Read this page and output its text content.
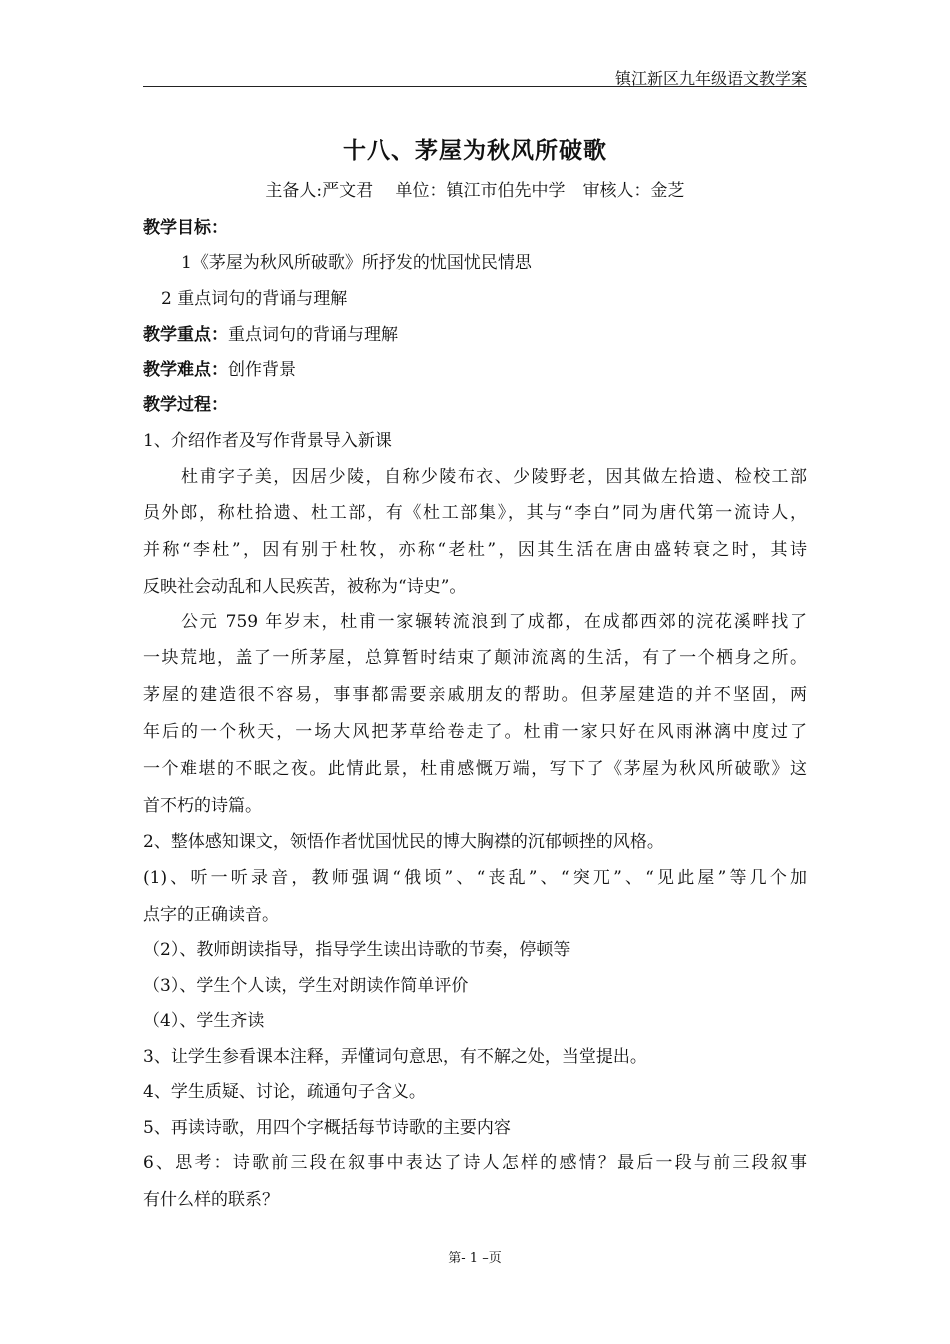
镇江新区九年级语文教学案
十八、茅屋为秋风所破歌
主备人:严文君　 单位：镇江市伯先中学　审核人：金芝
教学目标：
1《茅屋为秋风所破歌》所抒发的忧国忧民情思
2 重点词句的背诵与理解
教学重点：重点词句的背诵与理解
教学难点：创作背景
教学过程：
1、介绍作者及写作背景导入新课
杜甫字子美，因居少陵，自称少陵布衣、少陵野老，因其做左拾遗、检校工部
员外郎，称杜拾遗、杜工部，有《杜工部集》，其与“李白”同为唐代第一流诗人，
并称“李杜”，因有别于杜牧，亦称“老杜”，因其生活在唐由盛转衰之时，其诗
反映社会动乱和人民疾苦，被称为“诗史”。
公元 759 年岁末，杜甫一家辗转流浪到了成都，在成都西郊的浣花溪畔找了
一块荒地，盖了一所茅屋，总算暂时结束了颠沛流离的生活，有了一个栖身之所。
茅屋的建造很不容易，事事都需要亲戚朋友的帮助。但茅屋建造的并不坚固，两
年后的一个秋天，一场大风把茅草给卷走了。杜甫一家只好在风雨淋漓中度过了
一个难堪的不眠之夜。此情此景，杜甫感慨万端，写下了《茅屋为秋风所破歌》这
首不朽的诗篇。
2、整体感知课文，领悟作者忧国忧民的博大胸襟的沉郁顿挫的风格。
(1)、听一听录音，教师强调“俄顷”、“丧乱”、“突兀”、“见此屋”等几个加
点字的正确读音。
（2）、教师朗读指导，指导学生读出诗歌的节奏，停顿等
（3）、学生个人读，学生对朗读作简单评价
（4）、学生齐读
3、让学生参看课本注释，弄懂词句意思，有不解之处，当堂提出。
4、学生质疑、讨论，疏通句子含义。
5、再读诗歌，用四个字概括每节诗歌的主要内容
6、思考：诗歌前三段在叙事中表达了诗人怎样的感情？最后一段与前三段叙事
有什么样的联系？
第- 1 –页
